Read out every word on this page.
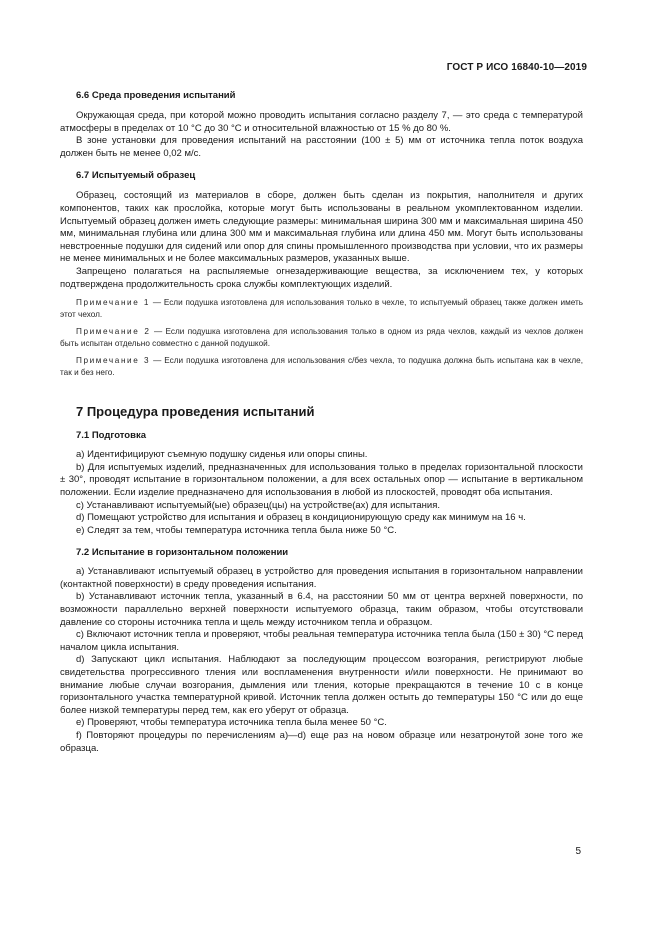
ГОСТ Р ИСО 16840-10—2019
6.6 Среда проведения испытаний

Окружающая среда, при которой можно проводить испытания согласно разделу 7, — это среда с температурой атмосферы в пределах от 10 °С до 30 °С и относительной влажностью от 15 % до 80 %.

В зоне установки для проведения испытаний на расстоянии (100 ± 5) мм от источника тепла поток воздуха должен быть не менее 0,02 м/с.

6.7 Испытуемый образец

Образец, состоящий из материалов в сборе, должен быть сделан из покрытия, наполнителя и других компонентов, таких как прослойка, которые могут быть использованы в реальном укомплектованном изделии. Испытуемый образец должен иметь следующие размеры: минимальная ширина 300 мм и максимальная ширина 450 мм, минимальная глубина или длина 300 мм и максимальная глубина или длина 450 мм. Могут быть использованы невстроенные подушки для сидений или опор для спины промышленного производства при условии, что их размеры не менее минимальных и не более максимальных размеров, указанных выше.

Запрещено полагаться на распыляемые огнезадерживающие вещества, за исключением тех, у которых подтверждена продолжительность срока службы комплектующих изделий.

Примечание 1 — Если подушка изготовлена для использования только в чехле, то испытуемый образец также должен иметь этот чехол.

Примечание 2 — Если подушка изготовлена для использования только в одном из ряда чехлов, каждый из чехлов должен быть испытан отдельно совместно с данной подушкой.

Примечание 3 — Если подушка изготовлена для использования с/без чехла, то подушка должна быть испытана как в чехле, так и без него.

7 Процедура проведения испытаний
7.1 Подготовка

а) Идентифицируют съемную подушку сиденья или опоры спины.

b) Для испытуемых изделий, предназначенных для использования только в пределах горизонтальной плоскости ± 30°, проводят испытание в горизонтальном положении, а для всех остальных опор — испытание в вертикальном положении. Если изделие предназначено для использования в любой из плоскостей, проводят оба испытания.

с) Устанавливают испытуемый(ые) образец(цы) на устройстве(ах) для испытания.

d) Помещают устройство для испытания и образец в кондиционирующую среду как минимум на 16 ч.

е) Следят за тем, чтобы температура источника тепла была ниже 50 °С.

7.2 Испытание в горизонтальном положении

а) Устанавливают испытуемый образец в устройство для проведения испытания в горизонтальном направлении (контактной поверхности) в среду проведения испытания.

b) Устанавливают источник тепла, указанный в 6.4, на расстоянии 50 мм от центра верхней поверхности, по возможности параллельно верхней поверхности испытуемого образца, таким образом, чтобы отсутствовали давление со стороны источника тепла и щель между источником тепла и образцом.

с) Включают источник тепла и проверяют, чтобы реальная температура источника тепла была (150 ± 30) °С перед началом цикла испытания.

d) Запускают цикл испытания. Наблюдают за последующим процессом возгорания, регистрируют любые свидетельства прогрессивного тления или воспламенения внутренности и/или поверхности. Не принимают во внимание любые случаи возгорания, дымления или тления, которые прекращаются в течение 10 с в конце горизонтального участка температурной кривой. Источник тепла должен остыть до температуры 150 °С или до еще более низкой температуры перед тем, как его уберут от образца.

е) Проверяют, чтобы температура источника тепла была менее 50 °С.

f) Повторяют процедуры по перечислениям а)—d) еще раз на новом образце или незатронутой зоне того же образца.

5
